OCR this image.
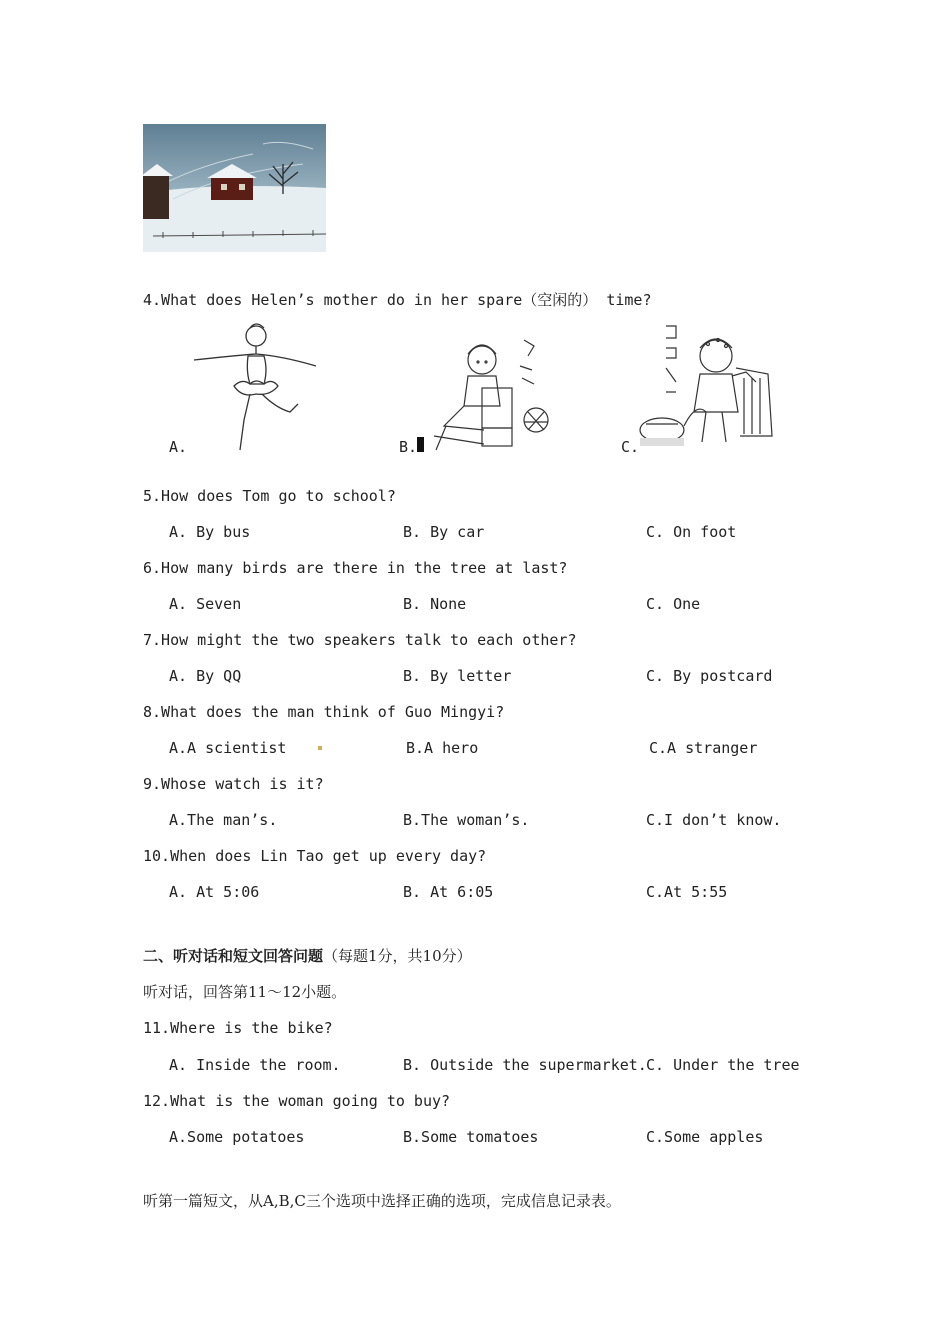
4.What does Helen’s mother do in her spare（空闲的） time?
A.	B.	C.
5.How does Tom go to school?
A. By bus	B. By car	C. On foot
6.How many birds are there in the tree at last?
A. Seven	B. None	C. One
7.How might the two speakers talk to each other?
A. By QQ	B. By letter	C. By postcard
8.What does the man think of Guo Mingyi?
A.A scientist	B.A hero	C.A stranger
9.Whose watch is it?
A.The man’s.	B.The woman’s.	C.I don’t know.
10.When does Lin Tao get up every day?
A. At 5:06	B. At 6:05	C.At 5:55
二、听对话和短文回答问题（每题1分，共10分）
听对话，回答第11～12小题。
11.Where is the bike?
A. Inside the room.	B. Outside the supermarket. C. Under the tree
12.What is the woman going to buy?
A.Some potatoes	B.Some tomatoes	C.Some apples
听第一篇短文，从A,B,C三个选项中选择正确的选项，完成信息记录表。
